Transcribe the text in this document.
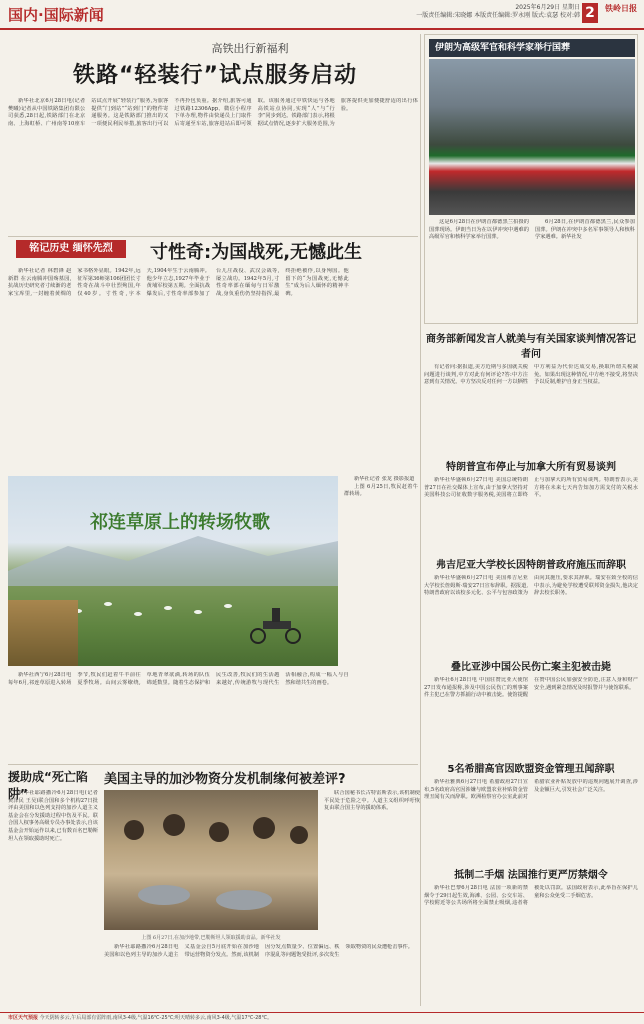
国内·国际新闻	2025年6月29日 星期日
一版责任编辑:宋晓娜 本版责任编辑:罗永刚 版式:袁瑟 校对:韩 2	铁岭日报
高铁出行新福利
铁路“轻装行”试点服务启动

新华社北京6月28日电(记者 樊曦)记者从中国铁路集团有限公司获悉,28日起,铁路部门在北京南、上海虹桥、广州南等10座车站试点开展“轻装行”服务,为旅客提供“门到站”“站到门”的物件寄递服务。这是铁路部门推出的又一项便民利民举措,旅客出行可以不再拎包负重。据介绍,旅客可通过铁路12306App、微信小程序下单办理,物件由快递员上门取件后寄递至车站,旅客进站后即可领取。该服务通过中铁快运与各地高铁站点协同,实现“人”与“行李”同步到达。铁路部门表示,将根据试点情况,逐步扩大服务范围,为旅客提供更加便捷舒适的出行体验。

伊朗为高级军官和科学家举行国葬

这是6月28日在伊朗首都德黑兰拍摄的国葬现场。伊朗当日为在以伊冲突中遇难的高级军官和核科学家举行国葬。

6月28日,在伊朗首都德黑兰,民众参加国葬。伊朗在冲突中多名军事领导人和核科学家遇难。新华社发

铭记历史 缅怀先烈	寸性奇:为国战死,无憾此生

新华社记者 林碧锋 赵新群 在云南腾冲国殇墓园,抗战历史研究者寸续渐的老家宝库里,一封缠着黄绸的家书格外显眼。1942年,远征军第36师第106团团长寸性奇在战斗中壮烈殉国,年仅40岁。寸性奇,字本天,1904年生于云南腾冲。他少年立志,1927年毕业于黄埔军校第五期。全面抗战爆发后,寸性奇率部参加了台儿庄战役、武汉会战等,屡立战功。1942年5月,寸性奇率部在缅甸与日军激战,身负重伤仍坚持指挥,最终拒绝被俘,以身殉国。他留下的“为国战死,无憾此生”成为后人缅怀的精神丰碑。

祁连草原上的转场牧歌

新华社记者 张龙 摄影报道

上图 6月25日,牧民赶着牛群转场。

新华社西宁6月28日电 每年6月,祁连草原进入转场季节,牧民们赶着牛羊前往夏季牧场。山间云雾缭绕,草地青翠欲滴,转场的队伍绵延数里。随着生态保护和民生改善,牧民们的生活越来越好,传统游牧与现代生活相融合,构成一幅人与自然和谐共生的画卷。

援助成“死亡陷阱”

新华社耶路撒冷6月28日电(记者 黄泽民 王吴)联合国和多个机构27日批评由美国和以色列支持的加沙人道主义基金会在分发援助过程中伤及平民。联合国人权事务高级专员办事处表示,自该基金会开始运作以来,已有数百名巴勒斯坦人在领取援助时死亡。

美国主导的加沙物资分发机制缘何被差评?
上图 6月27日,在加沙地带,巴勒斯坦人领取援助食品。新华社发

联合国秘书长古特雷斯表示,该机制使平民处于危险之中。人道主义组织呼吁恢复由联合国主导的援助体系。

新华社耶路撒冷6月28日电 美国和以色列主导的加沙人道主义基金会自5月底开始在加沙地带运营物资分发点。然而,该机制因分发点数量少、位置偏远、秩序混乱等问题饱受批评,多次发生领取物资的民众遭枪击事件。

商务部新闻发言人就美与有关国家谈判情况答记者问

有记者问:据报道,美方近期与多国就关税问题进行谈判,中方对此有何评论?答:中方注意到有关情况。中方坚决反对任何一方以牺牲中方利益为代价达成交易,换取所谓关税减免。如果出现这种情况,中方绝不接受,将坚决予以反制,维护自身正当权益。

特朗普宣布停止与加拿大所有贸易谈判

新华社华盛顿6月27日电 美国总统特朗普27日在社交媒体上宣布,由于加拿大坚持对美国科技公司征收数字服务税,美国将立即终止与加拿大的所有贸易谈判。特朗普表示,美方将在未来七天内告知加方需支付的关税水平。

弗吉尼亚大学校长因特朗普政府施压而辞职

新华社华盛顿6月27日电 美国弗吉尼亚大学校长詹姆斯·瑞安27日宣布辞职。据报道,特朗普政府以该校多元化、公平与包容政策为由向其施压,要求其辞职。瑞安在致全校的信中表示,为避免学校遭受联邦资金损失,他决定辞去校长职务。

叠比亚涉中国公民伤亡案主犯被击毙

新华社6月28日电 中国驻赞比亚大使馆27日发布通报称,涉及中国公民伤亡的刑事案件主犯已在警方抓捕行动中被击毙。使馆提醒在赞中国公民加强安全防范,注意人身和财产安全,遇到紧急情况及时报警并与使馆联系。

5名希腊高官因欧盟资金管理丑闻辞职

新华社雅典6月27日电 希腊政府27日宣布,5名政府高官因涉嫌与欧盟农业补贴资金管理丑闻有关而辞职。欧洲检察官办公室此前对希腊农业补贴发放中的违规问题展开调查,涉及金额巨大,引发社会广泛关注。

抵制二手烟 法国推行更严厉禁烟令

新华社巴黎6月28日电 法国一项新的禁烟令于29日起生效,海滩、公园、公交车站、学校附近等公共场所将全面禁止吸烟,违者将被处以罚款。法国政府表示,此举旨在保护儿童和公众免受二手烟危害。

市区天气预报 今天阴转多云,午后局部有雷阵雨,南风3-4级,气温16℃-25℃;明天晴转多云,南风3-4级,气温17℃-28℃。
